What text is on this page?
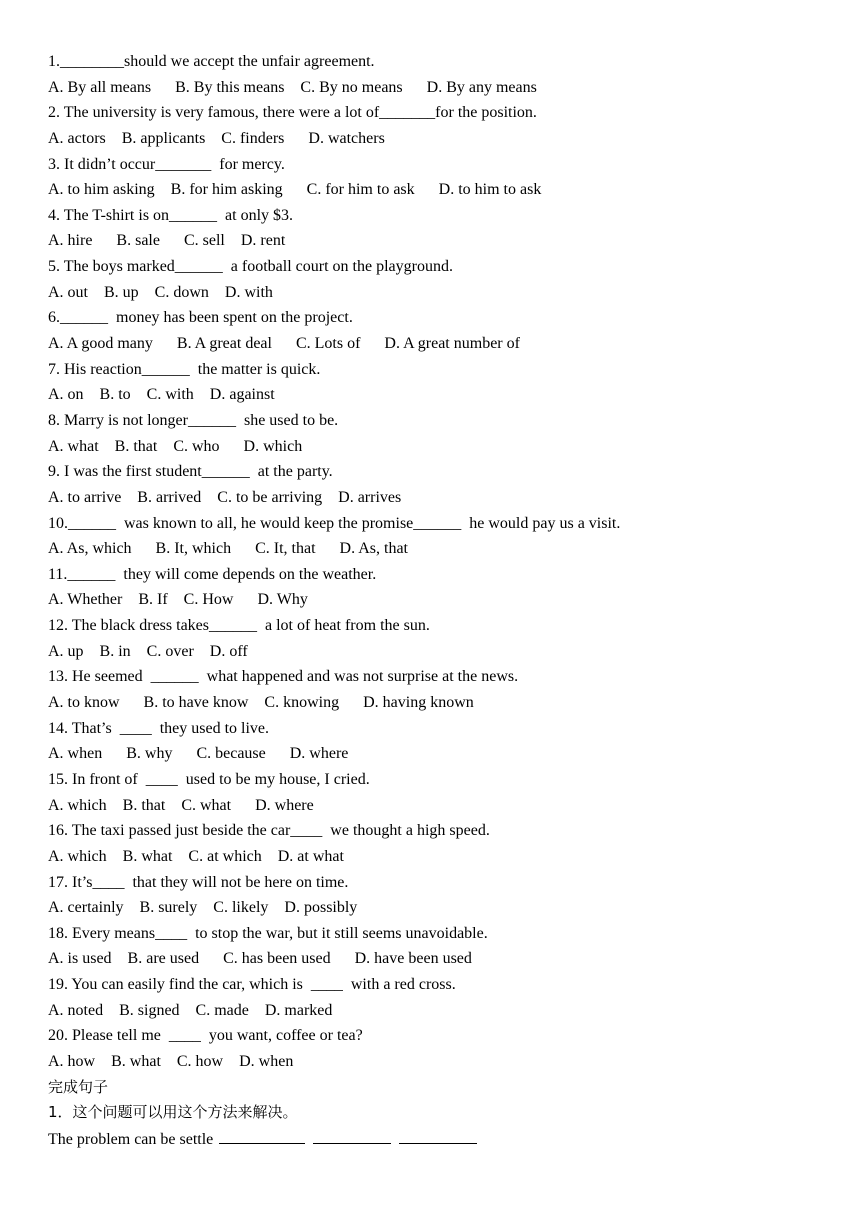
1.________should we accept the unfair agreement.
A. By all means      B. By this means    C. By no means      D. By any means
2. The university is very famous, there were a lot of_______for the position.
A. actors    B. applicants    C. finders      D. watchers
3. It didn’t occur_______  for mercy.
A. to him asking    B. for him asking      C. for him to ask      D. to him to ask
4. The T-shirt is on______  at only $3.
A. hire      B. sale      C. sell    D. rent
5. The boys marked______  a football court on the playground.
A. out    B. up    C. down    D. with
6.______  money has been spent on the project.
A. A good many      B. A great deal      C. Lots of      D. A great number of
7. His reaction______  the matter is quick.
A. on    B. to    C. with    D. against
8. Marry is not longer______  she used to be.
A. what    B. that    C. who      D. which
9. I was the first student______  at the party.
A. to arrive    B. arrived    C. to be arriving    D. arrives
10.______  was known to all, he would keep the promise______  he would pay us a visit.
A. As, which      B. It, which      C. It, that      D. As, that
11.______  they will come depends on the weather.
A. Whether    B. If    C. How      D. Why
12. The black dress takes______  a lot of heat from the sun.
A. up    B. in    C. over    D. off
13. He seemed  ______  what happened and was not surprise at the news.
A. to know      B. to have know    C. knowing      D. having known
14. That’s  ____  they used to live.
A. when      B. why      C. because      D. where
15. In front of  ____  used to be my house, I cried.
A. which    B. that    C. what      D. where
16. The taxi passed just beside the car____  we thought a high speed.
A. which    B. what    C. at which    D. at what
17. It’s____  that they will not be here on time.
A. certainly    B. surely    C. likely    D. possibly
18. Every means____  to stop the war, but it still seems unavoidable.
A. is used    B. are used      C. has been used      D. have been used
19. You can easily find the car, which is  ____  with a red cross.
A. noted    B. signed    C. made    D. marked
20. Please tell me  ____  you want, coffee or tea?
A. how    B. what    C. how    D. when
完成句子
1．这个问题可以用这个方法来解决。
The problem can be settle
